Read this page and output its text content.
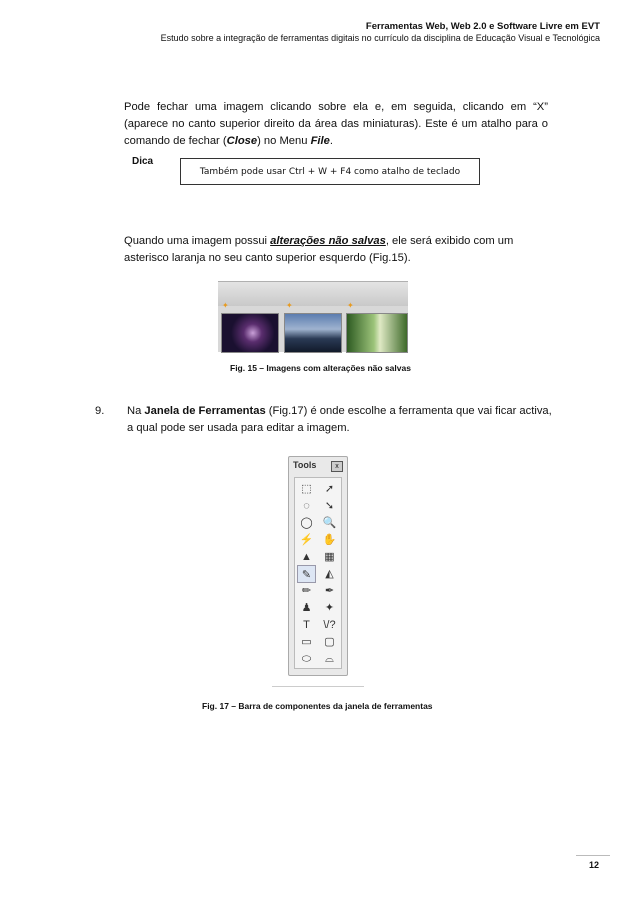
Ferramentas Web, Web 2.0 e Software Livre em EVT
Estudo sobre a integração de ferramentas digitais no currículo da disciplina de Educação Visual e Tecnológica
Pode fechar uma imagem clicando sobre ela e, em seguida, clicando em “X” (aparece no canto superior direito da área das miniaturas). Este é um atalho para o comando de fechar (Close) no Menu File.
Dica
Também pode usar Ctrl + W + F4 como atalho de teclado
Quando uma imagem possui alterações não salvas, ele será exibido com um asterisco laranja no seu canto superior esquerdo (Fig.15).
✦	✦	✦
Fig. 15 – Imagens com alterações não salvas
9. Na Janela de Ferramentas (Fig.17) é onde escolhe a ferramenta que vai ficar activa, a qual pode ser usada para editar a imagem.
Tools	x
⬚	➚
◌	➘
◯ 🔍
⚡ ✋
▲	▦
✎	◭
✏	✒
♟	✦
T	\/?
▭	▢
⬭	⌓
Fig. 17 – Barra de componentes da janela de ferramentas
12
